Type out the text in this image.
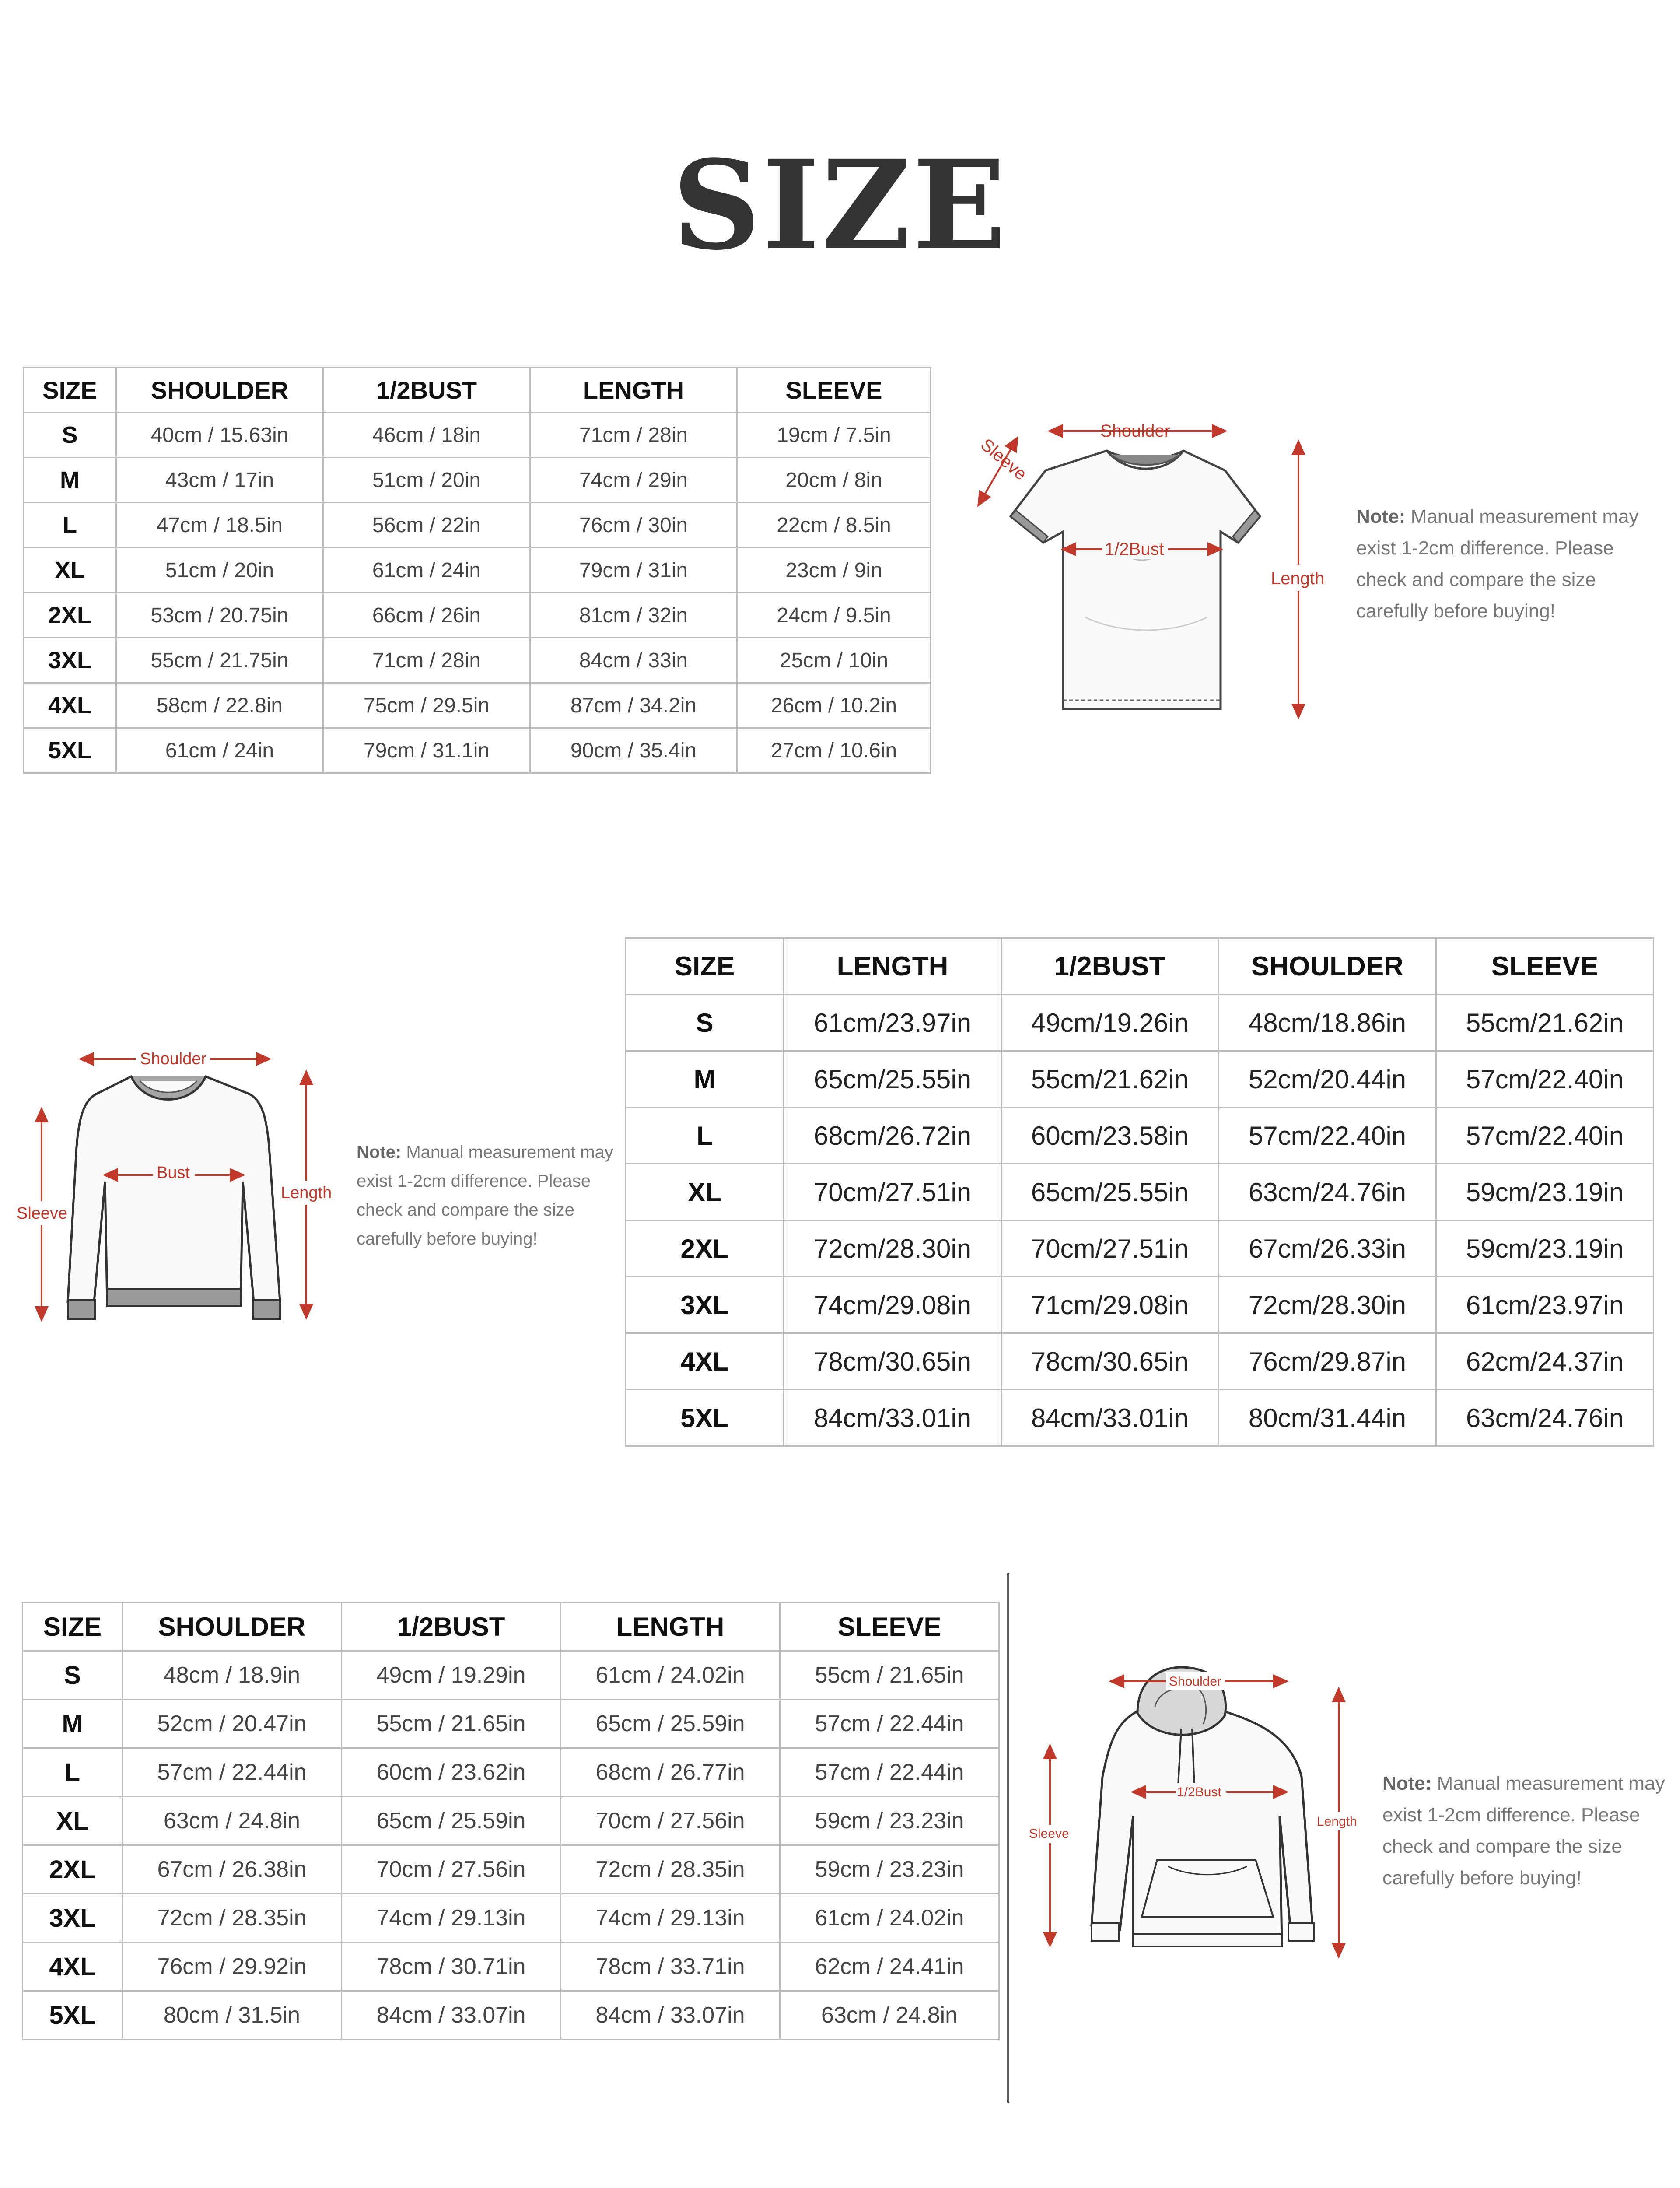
SIZE
SIZE	SHOULDER	1/2BUST	LENGTH	SLEEVE
S	40cm / 15.63in	46cm / 18in	71cm / 28in	19cm / 7.5in
M	43cm / 17in	51cm / 20in	74cm / 29in	20cm / 8in
L	47cm / 18.5in	56cm / 22in	76cm / 30in	22cm / 8.5in
XL	51cm / 20in	61cm / 24in	79cm / 31in	23cm / 9in
2XL	53cm / 20.75in	66cm / 26in	81cm / 32in	24cm / 9.5in
3XL	55cm / 21.75in	71cm / 28in	84cm / 33in	25cm / 10in
4XL	58cm / 22.8in	75cm / 29.5in	87cm / 34.2in	26cm / 10.2in
5XL	61cm / 24in	79cm / 31.1in	90cm / 35.4in	27cm / 10.6in
Shoulder
Sleeve
1/2Bust
Length
Note: Manual measurement may
exist 1-2cm difference. Please
check and compare the size
carefully before buying!
Shoulder
Bust
Sleeve
Length
Note: Manual measurement may
exist 1-2cm difference. Please
check and compare the size
carefully before buying!
SIZE	LENGTH	1/2BUST	SHOULDER	SLEEVE
S	61cm/23.97in	49cm/19.26in	48cm/18.86in	55cm/21.62in
M	65cm/25.55in	55cm/21.62in	52cm/20.44in	57cm/22.40in
L	68cm/26.72in	60cm/23.58in	57cm/22.40in	57cm/22.40in
XL	70cm/27.51in	65cm/25.55in	63cm/24.76in	59cm/23.19in
2XL	72cm/28.30in	70cm/27.51in	67cm/26.33in	59cm/23.19in
3XL	74cm/29.08in	71cm/29.08in	72cm/28.30in	61cm/23.97in
4XL	78cm/30.65in	78cm/30.65in	76cm/29.87in	62cm/24.37in
5XL	84cm/33.01in	84cm/33.01in	80cm/31.44in	63cm/24.76in
SIZE	SHOULDER	1/2BUST	LENGTH	SLEEVE
S	48cm / 18.9in	49cm / 19.29in	61cm / 24.02in	55cm / 21.65in
M	52cm / 20.47in	55cm / 21.65in	65cm / 25.59in	57cm / 22.44in
L	57cm / 22.44in	60cm / 23.62in	68cm / 26.77in	57cm / 22.44in
XL	63cm / 24.8in	65cm / 25.59in	70cm / 27.56in	59cm / 23.23in
2XL	67cm / 26.38in	70cm / 27.56in	72cm / 28.35in	59cm / 23.23in
3XL	72cm / 28.35in	74cm / 29.13in	74cm / 29.13in	61cm / 24.02in
4XL	76cm / 29.92in	78cm / 30.71in	78cm / 33.71in	62cm / 24.41in
5XL	80cm / 31.5in	84cm / 33.07in	84cm / 33.07in	63cm / 24.8in
Shoulder
1/2Bust
Sleeve
Length
Note: Manual measurement may
exist 1-2cm difference. Please
check and compare the size
carefully before buying!
